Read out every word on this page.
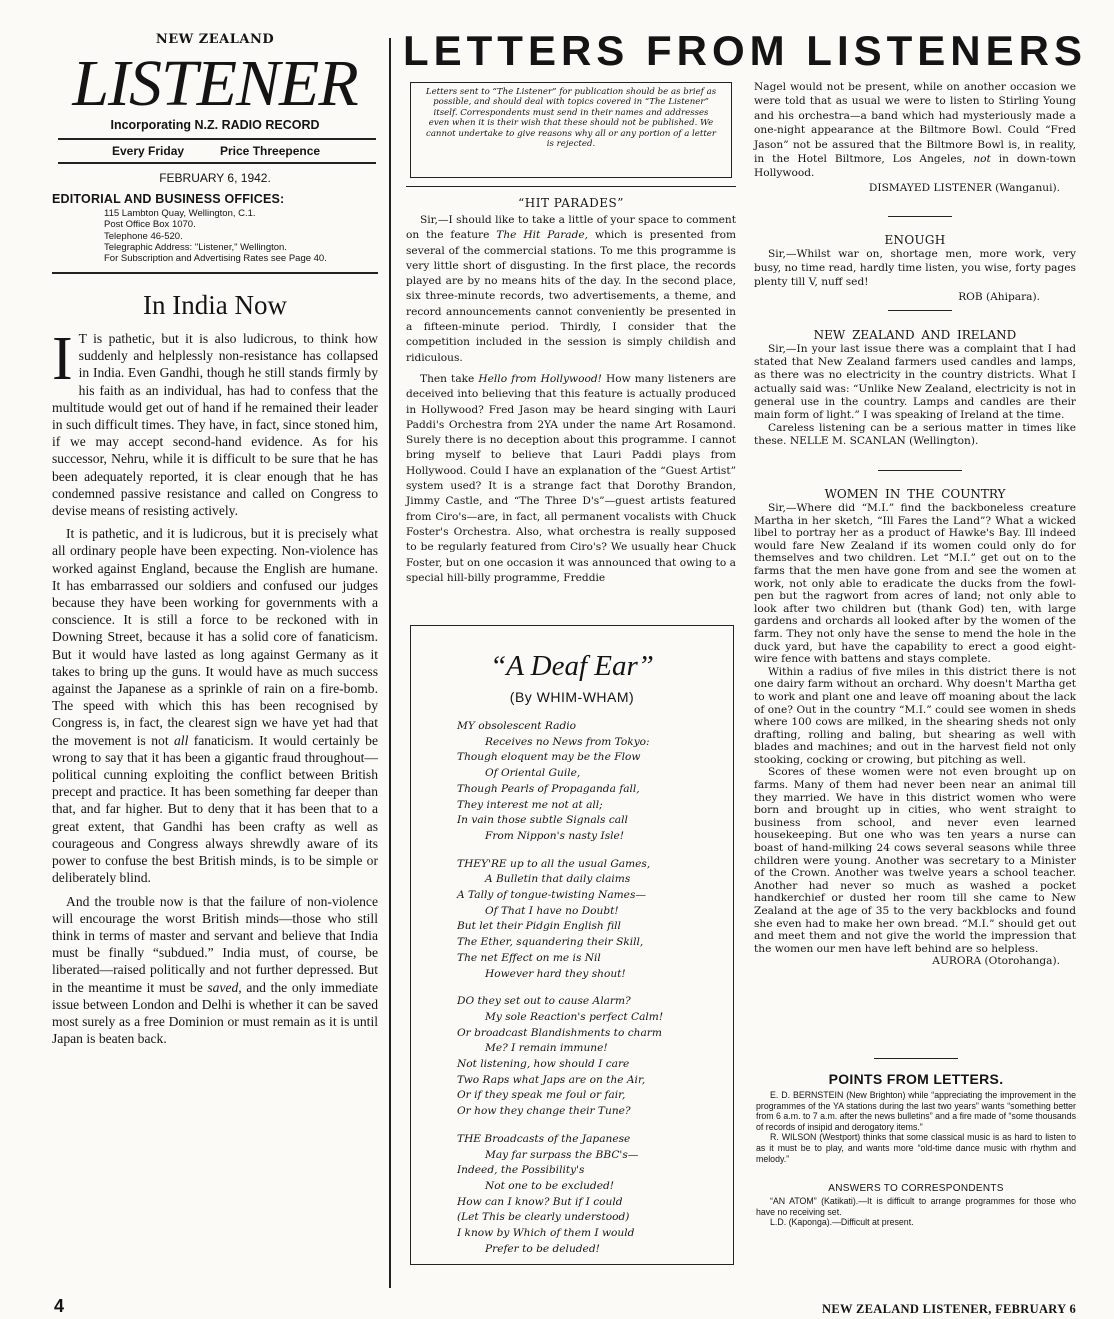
NEW ZEALAND
LISTENER
Incorporating N.Z. RADIO RECORD
Every Friday	Price Threepence
FEBRUARY 6, 1942.
EDITORIAL AND BUSINESS OFFICES:
115 Lambton Quay, Wellington, C.1.
Post Office Box 1070.
Telephone 46-520.
Telegraphic Address: "Listener," Wellington.
For Subscription and Advertising Rates see Page 40.
In India Now

I T is pathetic, but it is also ludicrous, to think how suddenly and helplessly non-resistance has collapsed in India. Even Gandhi, though he still stands firmly by his faith as an individual, has had to confess that the multitude would get out of hand if he remained their leader in such difficult times. They have, in fact, since stoned him, if we may accept second-hand evidence. As for his successor, Nehru, while it is difficult to be sure that he has been adequately reported, it is clear enough that he has condemned passive resistance and called on Congress to devise means of resisting actively.

It is pathetic, and it is ludicrous, but it is precisely what all ordinary people have been expecting. Non-violence has worked against England, because the English are humane. It has embarrassed our soldiers and confused our judges because they have been working for governments with a conscience. It is still a force to be reckoned with in Downing Street, because it has a solid core of fanaticism. But it would have lasted as long against Germany as it takes to bring up the guns. It would have as much success against the Japanese as a sprinkle of rain on a fire-bomb. The speed with which this has been recognised by Congress is, in fact, the clearest sign we have yet had that the movement is not all fanaticism. It would certainly be wrong to say that it has been a gigantic fraud throughout—political cunning exploiting the conflict between British precept and practice. It has been something far deeper than that, and far higher. But to deny that it has been that to a great extent, that Gandhi has been crafty as well as courageous and Congress always shrewdly aware of its power to confuse the best British minds, is to be simple or deliberately blind.

And the trouble now is that the failure of non-violence will encourage the worst British minds—those who still think in terms of master and servant and believe that India must be finally “subdued.” India must, of course, be liberated—raised politically and not further depressed. But in the meantime it must be saved, and the only immediate issue between London and Delhi is whether it can be saved most surely as a free Dominion or must remain as it is until Japan is beaten back.

LETTERS FROM LISTENERS
Letters sent to “The Listener” for publication should be as brief as possible, and should deal with topics covered in “The Listener” itself. Correspondents must send in their names and addresses even when it is their wish that these should not be published. We cannot undertake to give reasons why all or any portion of a letter is rejected.
“HIT PARADES”

Sir,—I should like to take a little of your space to comment on the feature The Hit Parade, which is presented from several of the commercial stations. To me this programme is very little short of disgusting. In the first place, the records played are by no means hits of the day. In the second place, six three-minute records, two advertisements, a theme, and record announcements cannot conveniently be presented in a fifteen-minute period. Thirdly, I consider that the competition included in the session is simply childish and ridiculous.

Then take Hello from Hollywood! How many listeners are deceived into believing that this feature is actually produced in Hollywood? Fred Jason may be heard singing with Lauri Paddi's Orchestra from 2YA under the name Art Rosamond. Surely there is no deception about this programme. I cannot bring myself to believe that Lauri Paddi plays from Hollywood. Could I have an explanation of the “Guest Artist” system used? It is a strange fact that Dorothy Brandon, Jimmy Castle, and “The Three D's”—guest artists featured from Ciro's—are, in fact, all permanent vocalists with Chuck Foster's Orchestra. Also, what orchestra is really supposed to be regularly featured from Ciro's? We usually hear Chuck Foster, but on one occasion it was announced that owing to a special hill-billy programme, Freddie

“A Deaf Ear”
(By WHIM-WHAM)
MY obsolescent Radio
Receives no News from Tokyo:
Though eloquent may be the Flow
Of Oriental Guile,
Though Pearls of Propaganda fall,
They interest me not at all;
In vain those subtle Signals call
From Nippon's nasty Isle!
THEY'RE up to all the usual Games,
A Bulletin that daily claims
A Tally of tongue-twisting Names—
Of That I have no Doubt!
But let their Pidgin English fill
The Ether, squandering their Skill,
The net Effect on me is Nil
However hard they shout!
DO they set out to cause Alarm?
My sole Reaction's perfect Calm!
Or broadcast Blandishments to charm
Me? I remain immune!
Not listening, how should I care
Two Raps what Japs are on the Air,
Or if they speak me foul or fair,
Or how they change their Tune?
THE Broadcasts of the Japanese
May far surpass the BBC's—
Indeed, the Possibility's
Not one to be excluded!
How can I know? But if I could
(Let This be clearly understood)
I know by Which of them I would
Prefer to be deluded!

Nagel would not be present, while on another occasion we were told that as usual we were to listen to Stirling Young and his orchestra—a band which had mysteriously made a one-night appearance at the Biltmore Bowl. Could “Fred Jason” not be assured that the Biltmore Bowl is, in reality, in the Hotel Biltmore, Los Angeles, not in down-town Hollywood.

DISMAYED LISTENER (Wanganui).

ENOUGH

Sir,—Whilst war on, shortage men, more work, very busy, no time read, hardly time listen, you wise, forty pages plenty till V, nuff sed!

ROB (Ahipara).

NEW ZEALAND AND IRELAND

Sir,—In your last issue there was a complaint that I had stated that New Zealand farmers used candles and lamps, as there was no electricity in the country districts. What I actually said was: “Unlike New Zealand, electricity is not in general use in the country. Lamps and candles are their main form of light.” I was speaking of Ireland at the time.

Careless listening can be a serious matter in times like these. NELLE M. SCANLAN (Wellington).

WOMEN IN THE COUNTRY

Sir,—Where did “M.I.” find the backboneless creature Martha in her sketch, “Ill Fares the Land”? What a wicked libel to portray her as a product of Hawke's Bay. Ill indeed would fare New Zealand if its women could only do for themselves and two children. Let “M.I.” get out on to the farms that the men have gone from and see the women at work, not only able to eradicate the ducks from the fowl-pen but the ragwort from acres of land; not only able to look after two children but (thank God) ten, with large gardens and orchards all looked after by the women of the farm. They not only have the sense to mend the hole in the duck yard, but have the capability to erect a good eight-wire fence with battens and stays complete.

Within a radius of five miles in this district there is not one dairy farm without an orchard. Why doesn't Martha get to work and plant one and leave off moaning about the lack of one? Out in the country “M.I.” could see women in sheds where 100 cows are milked, in the shearing sheds not only drafting, rolling and baling, but shearing as well with blades and machines; and out in the harvest field not only stooking, cocking or crowing, but pitching as well.

Scores of these women were not even brought up on farms. Many of them had never been near an animal till they married. We have in this district women who were born and brought up in cities, who went straight to business from school, and never even learned housekeeping. But one who was ten years a nurse can boast of hand-milking 24 cows several seasons while three children were young. Another was secretary to a Minister of the Crown. Another was twelve years a school teacher. Another had never so much as washed a pocket handkerchief or dusted her room till she came to New Zealand at the age of 35 to the very backblocks and found she even had to make her own bread. “M.I.” should get out and meet them and not give the world the impression that the women our men have left behind are so helpless.

AURORA (Otorohanga).

POINTS FROM LETTERS.

E. D. BERNSTEIN (New Brighton) while “appreciating the improvement in the programmes of the YA stations during the last two years” wants “something better from 6 a.m. to 7 a.m. after the news bulletins” and a fire made of “some thousands of records of insipid and derogatory items.”

R. WILSON (Westport) thinks that some classical music is as hard to listen to as it must be to play, and wants more “old-time dance music with rhythm and melody.”

ANSWERS TO CORRESPONDENTS

“AN ATOM” (Katikati).—It is difficult to arrange programmes for those who have no receiving set.

L.D. (Kaponga).—Difficult at present.

4	NEW ZEALAND LISTENER, FEBRUARY 6
